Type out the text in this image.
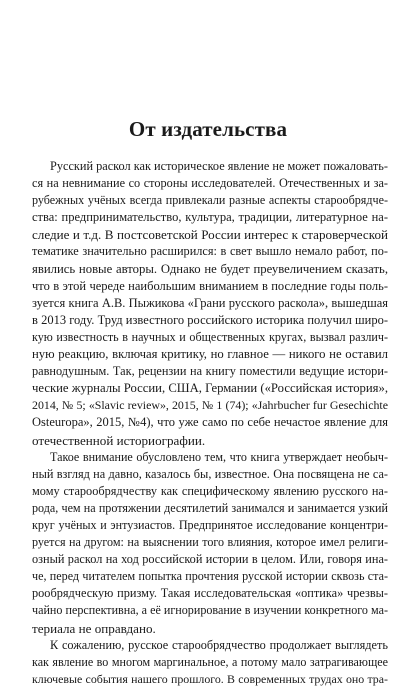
От издательства
Русский раскол как историческое явление не может пожаловать-
ся на невнимание со стороны исследователей. Отечественных и за-
рубежных учёных всегда привлекали разные аспекты старообрядче-
ства: предпринимательство, культура, традиции, литературное на-
следие и т.д. В постсоветской России интерес к староверческой
тематике значительно расширился: в свет вышло немало работ, по-
явились новые авторы. Однако не будет преувеличением сказать,
что в этой череде наибольшим вниманием в последние годы поль-
зуется книга А.В. Пыжикова «Грани русского раскола», вышедшая
в 2013 году. Труд известного российского историка получил широ-
кую известность в научных и общественных кругах, вызвал различ-
ную реакцию, включая критику, но главное — никого не оставил
равнодушным. Так, рецензии на книгу поместили ведущие истори-
ческие журналы России, США, Германии («Российская история»,
2014, № 5; «Slavic review», 2015, № 1 (74); «Jahrbucher fur Gesechichte
Osteuropa», 2015, №4), что уже само по себе нечастое явление для
отечественной историографии.
Такое внимание обусловлено тем, что книга утверждает необыч-
ный взгляд на давно, казалось бы, известное. Она посвящена не са-
мому старообрядчеству как специфическому явлению русского на-
рода, чем на протяжении десятилетий занимался и занимается узкий
круг учёных и энтузиастов. Предпринятое исследование концентри-
руется на другом: на выяснении того влияния, которое имел религи-
озный раскол на ход российской истории в целом. Или, говоря ина-
че, перед читателем попытка прочтения русской истории сквозь ста-
рообрядческую призму. Такая исследовательская «оптика» чрезвы-
чайно перспективна, а её игнорирование в изучении конкретного ма-
териала не оправдано.
К сожалению, русское старообрядчество продолжает выглядеть
как явление во многом маргинальное, а потому мало затрагивающее
ключевые события нашего прошлого. В современных трудах оно тра-
